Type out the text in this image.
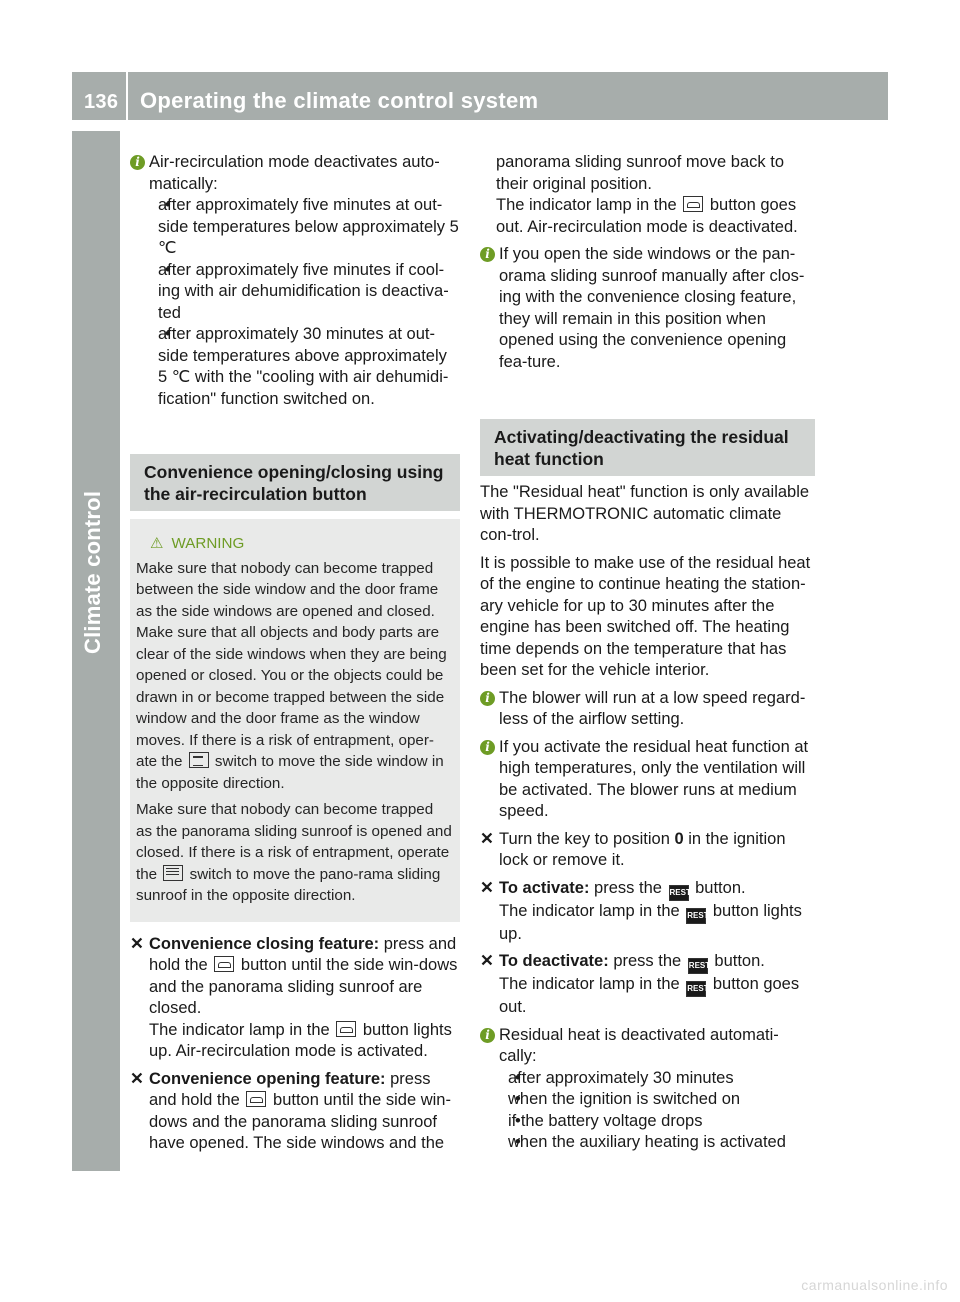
136 Operating the climate control system
Climate control
i Air-recirculation mode deactivates auto-matically:

• after approximately five minutes at out-side temperatures below approximately 5 ℃

• after approximately five minutes if cool-ing with air dehumidification is deactiva-ted

• after approximately 30 minutes at out-side temperatures above approximately 5 ℃ with the "cooling with air dehumidi-fication" function switched on.

Convenience opening/closing using the air-recirculation button
⚠ WARNING

Make sure that nobody can become trapped between the side window and the door frame as the side windows are opened and closed. Make sure that all objects and body parts are clear of the side windows when they are being opened or closed. You or the objects could be drawn in or become trapped between the side window and the door frame as the window moves. If there is a risk of entrapment, oper-ate the switch to move the side window in the opposite direction.

Make sure that nobody can become trapped as the panorama sliding sunroof is opened and closed. If there is a risk of entrapment, operate the switch to move the pano-rama sliding sunroof in the opposite direction.

✕ Convenience closing feature: press and hold the button until the side win-dows and the panorama sliding sunroof are closed.

The indicator lamp in the button lights up. Air-recirculation mode is activated.

✕ Convenience opening feature: press and hold the button until the side win-dows and the panorama sliding sunroof have opened. The side windows and the

panorama sliding sunroof move back to their original position.

The indicator lamp in the button goes out. Air-recirculation mode is deactivated.

i If you open the side windows or the pan-orama sliding sunroof manually after clos-ing with the convenience closing feature, they will remain in this position when opened using the convenience opening fea-ture.

Activating/deactivating the residual heat function

The "Residual heat" function is only available with THERMOTRONIC automatic climate con-trol.

It is possible to make use of the residual heat of the engine to continue heating the station-ary vehicle for up to 30 minutes after the engine has been switched off. The heating time depends on the temperature that has been set for the vehicle interior.

i The blower will run at a low speed regard-less of the airflow setting.

i If you activate the residual heat function at high temperatures, only the ventilation will be activated. The blower runs at medium speed.

✕ Turn the key to position 0 in the ignition lock or remove it.

✕ To activate: press the REST button.

The indicator lamp in the REST button lights up.

✕ To deactivate: press the REST button.

The indicator lamp in the REST button goes out.

i Residual heat is deactivated automati-cally:

• after approximately 30 minutes

• when the ignition is switched on

• if the battery voltage drops

• when the auxiliary heating is activated

carmanualsonline.info
